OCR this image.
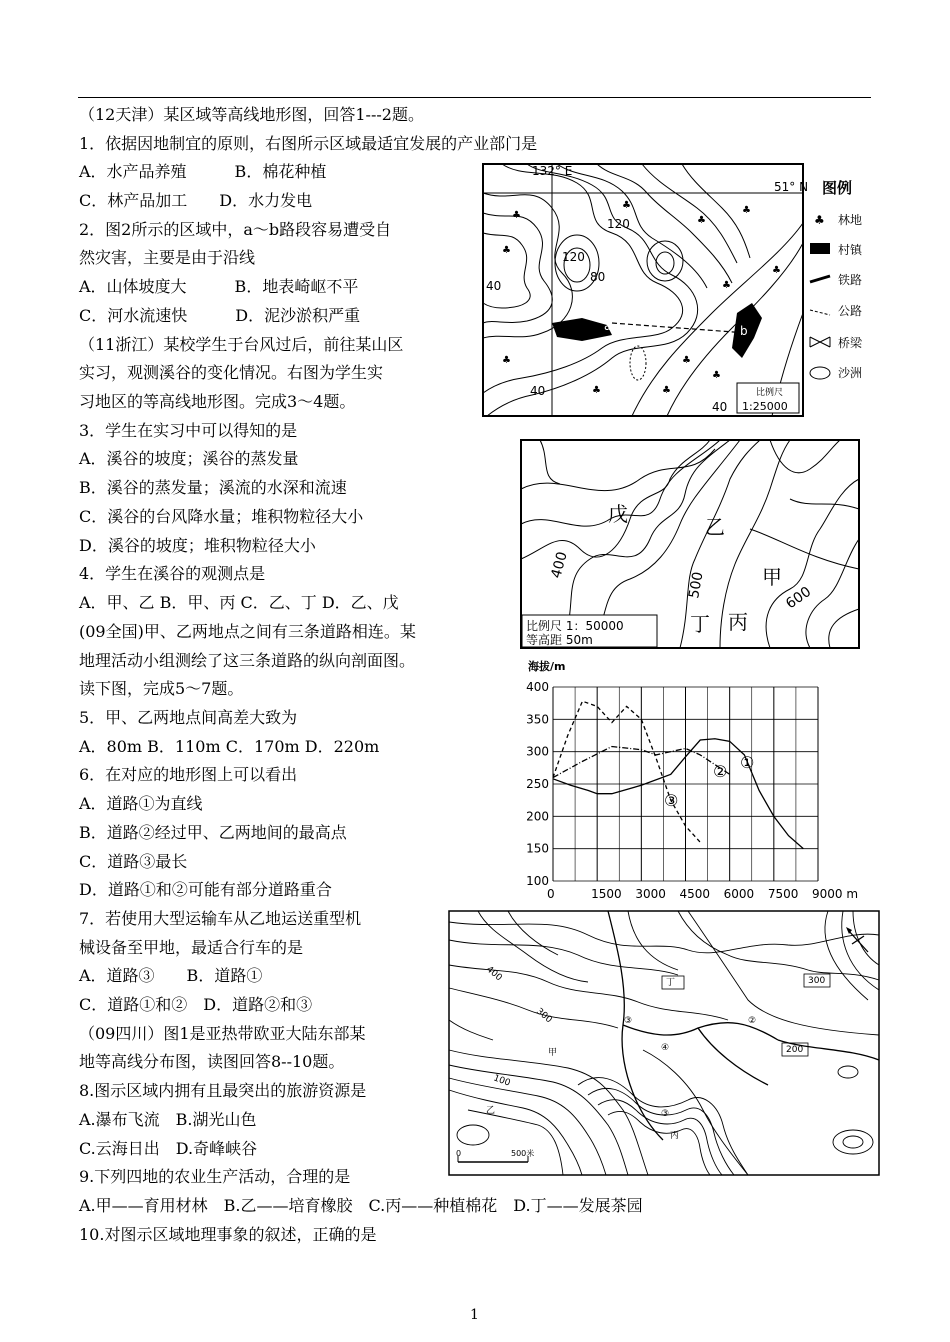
（12天津）某区域等高线地形图，回答1---2题。
1．依据因地制宜的原则，右图所示区域最适宜发展的产业部门是
A．水产品养殖　　　B．棉花种植
C．林产品加工　　D．水力发电
2．图2所示的区域中，a～b路段容易遭受自
然灾害，主要是由于沿线
A．山体坡度大　　　B．地表崎岖不平
C．河水流速快　　　D．泥沙淤积严重
（11浙江）某校学生于台风过后，前往某山区
实习，观测溪谷的变化情况。右图为学生实
习地区的等高线地形图。完成3～4题。
3．学生在实习中可以得知的是
A．溪谷的坡度；溪谷的蒸发量
B．溪谷的蒸发量；溪流的水深和流速
C．溪谷的台风降水量；堆积物粒径大小
D．溪谷的坡度；堆积物粒径大小
4．学生在溪谷的观测点是
A．甲、乙 B．甲、丙 C．乙、丁 D．乙、戊
(09全国)甲、乙两地点之间有三条道路相连。某
地理活动小组测绘了这三条道路的纵向剖面图。
读下图，完成5～7题。
5．甲、乙两地点间高差大致为
A．80m B．110m C．170m D．220m
6．在对应的地形图上可以看出
A．道路①为直线
B．道路②经过甲、乙两地间的最高点
C．道路③最长
D．道路①和②可能有部分道路重合
7．若使用大型运输车从乙地运送重型机
械设备至甲地，最适合行车的是
A．道路③　　B．道路①
C．道路①和②　D．道路②和③
（09四川）图1是亚热带欧亚大陆东部某
地等高线分布图，读图回答8--10题。
8.图示区域内拥有且最突出的旅游资源是
A.瀑布飞流　B.湖光山色
C.云海日出　D.奇峰峡谷
9.下列四地的农业生产活动，合理的是
A.甲——育用材林　B.乙——培育橡胶　C.丙——种植棉花　D.丁——发展茶园
10.对图示区域地理事象的叙述，正确的是
132° E
51° N
120
120
80
40
40
40
a	b
♣
♣
♣
♣
♣
♣
♣
♣
♣
♣
♣
♣
比例尺
1:25000
图例
♣ 林地
村镇
铁路
公路
桥梁
沙洲
戊
乙
甲
丁 丙
400
500	600
比例尺 1：50000
等高距 50m
海拔/m
400
350
300
250
200
150
100
0	1500 3000 4500 6000 7500 9000 m
①
②
③
丁
甲
乙
丙
③	②
④
③
400	300
200
300
100
0	500米
1
